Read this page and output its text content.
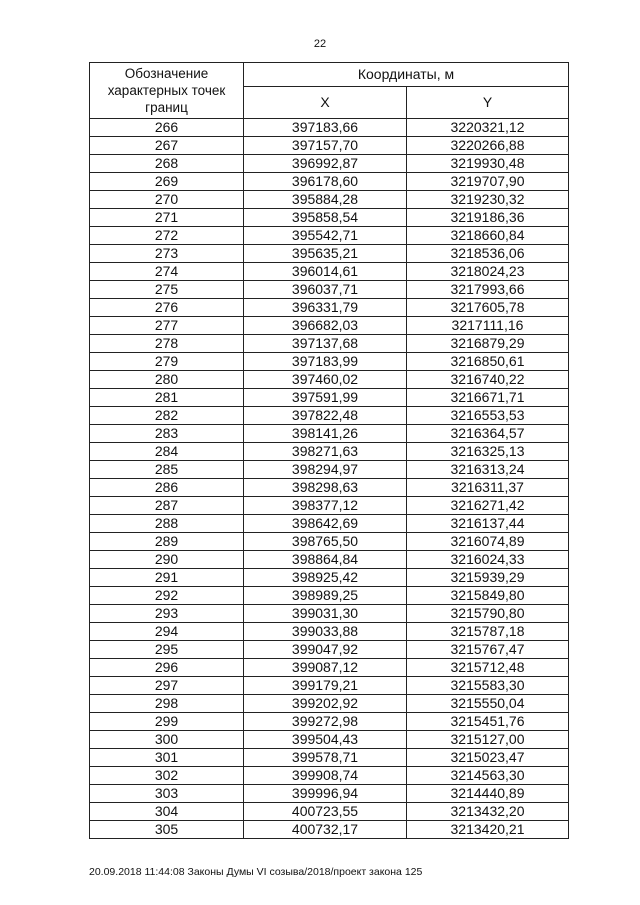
22
Обозначение характерных точек границ	Координаты, м	
	X	Y
266	397183,66	3220321,12
267	397157,70	3220266,88
268	396992,87	3219930,48
269	396178,60	3219707,90
270	395884,28	3219230,32
271	395858,54	3219186,36
272	395542,71	3218660,84
273	395635,21	3218536,06
274	396014,61	3218024,23
275	396037,71	3217993,66
276	396331,79	3217605,78
277	396682,03	3217111,16
278	397137,68	3216879,29
279	397183,99	3216850,61
280	397460,02	3216740,22
281	397591,99	3216671,71
282	397822,48	3216553,53
283	398141,26	3216364,57
284	398271,63	3216325,13
285	398294,97	3216313,24
286	398298,63	3216311,37
287	398377,12	3216271,42
288	398642,69	3216137,44
289	398765,50	3216074,89
290	398864,84	3216024,33
291	398925,42	3215939,29
292	398989,25	3215849,80
293	399031,30	3215790,80
294	399033,88	3215787,18
295	399047,92	3215767,47
296	399087,12	3215712,48
297	399179,21	3215583,30
298	399202,92	3215550,04
299	399272,98	3215451,76
300	399504,43	3215127,00
301	399578,71	3215023,47
302	399908,74	3214563,30
303	399996,94	3214440,89
304	400723,55	3213432,20
305	400732,17	3213420,21
20.09.2018 11:44:08 Законы Думы VI созыва/2018/проект закона 125
